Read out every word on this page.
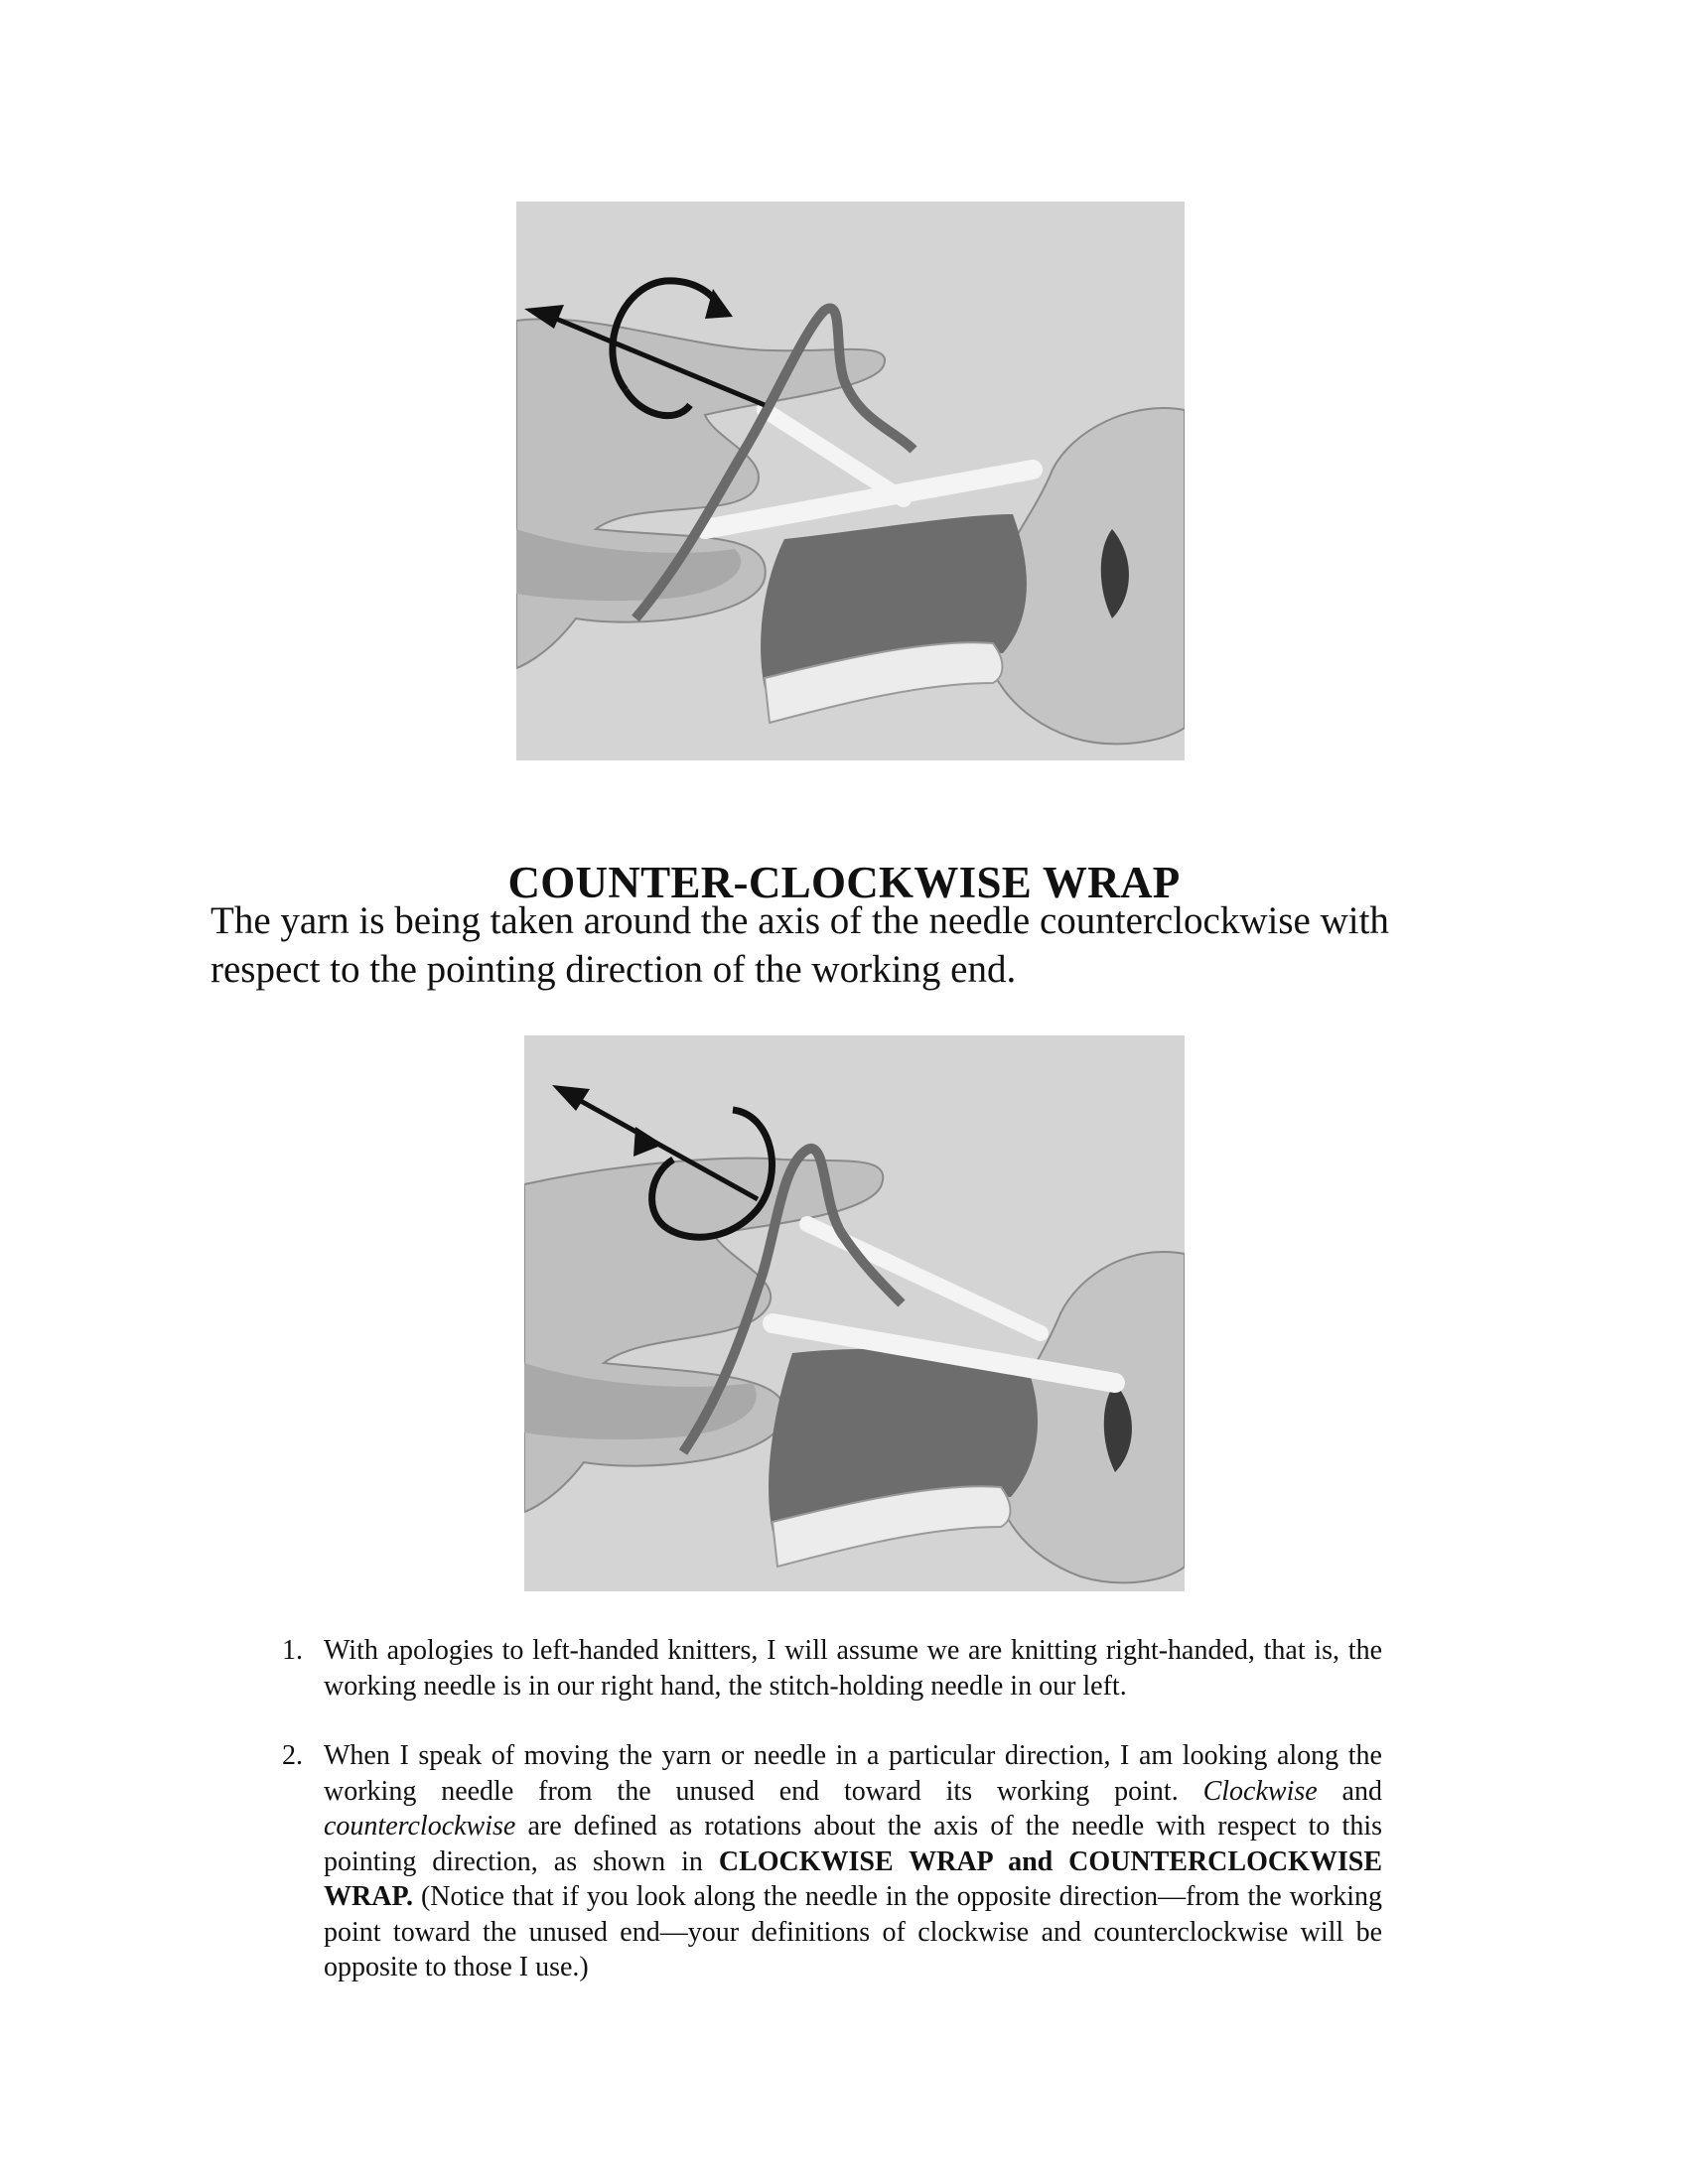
COUNTER-CLOCKWISE WRAP

The yarn is being taken around the axis of the needle counterclockwise with respect to the pointing direction of the working end.

1. With apologies to left-handed knitters, I will assume we are knitting right-handed, that is, the working needle is in our right hand, the stitch-holding needle in our left.
2. When I speak of moving the yarn or needle in a particular direction, I am looking along the working needle from the unused end toward its working point. Clockwise and counterclockwise are defined as rotations about the axis of the needle with respect to this pointing direction, as shown in CLOCKWISE WRAP and COUNTERCLOCKWISE WRAP. (Notice that if you look along the needle in the opposite direction—from the working point toward the unused end—your definitions of clockwise and counterclockwise will be opposite to those I use.)
